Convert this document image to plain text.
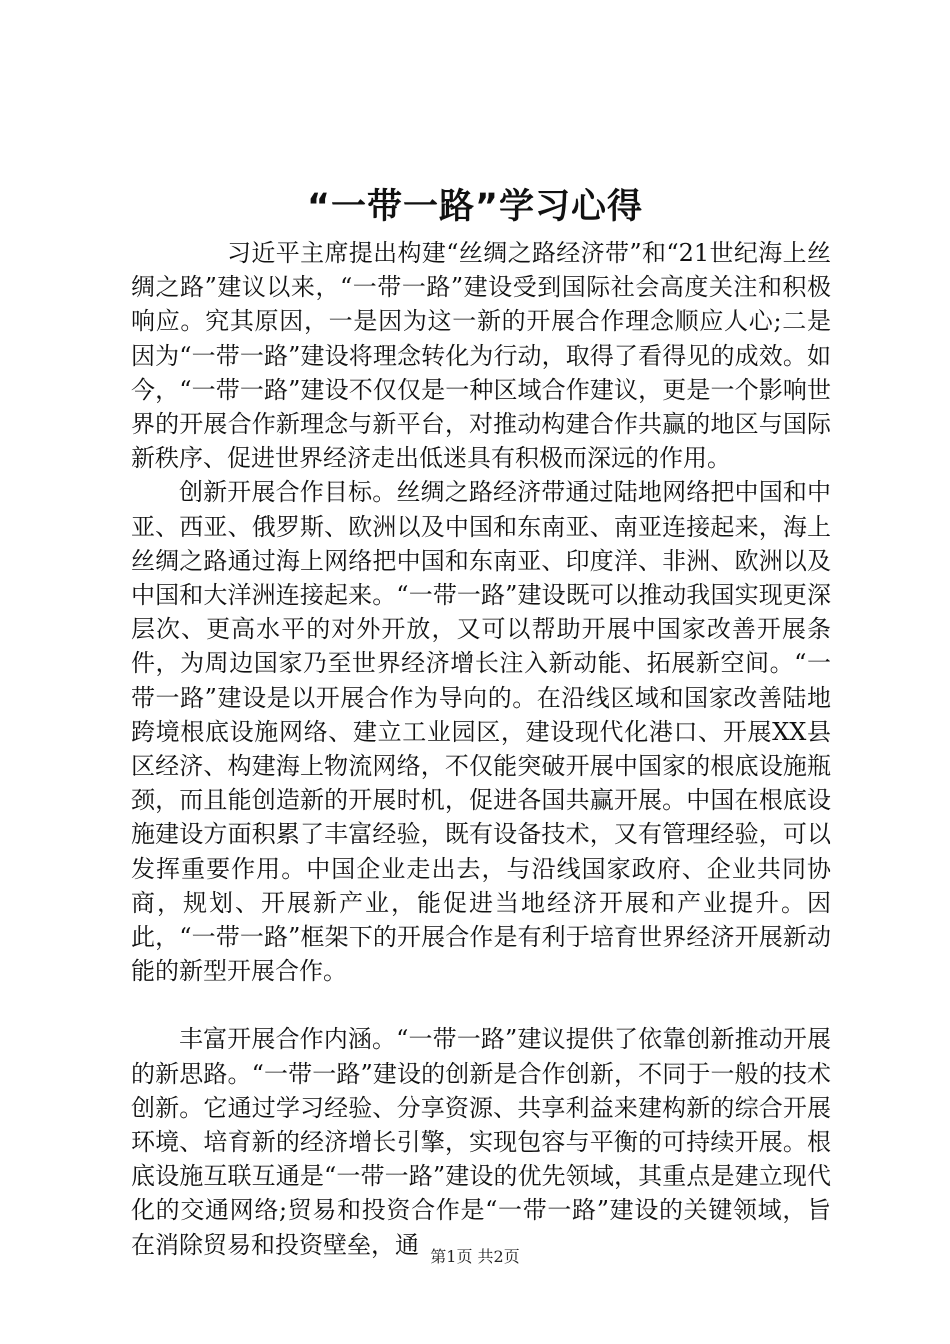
“一带一路”学习心得

习近平主席提出构建“丝绸之路经济带”和“21世纪海上丝绸之路”建议以来，“一带一路”建设受到国际社会高度关注和积极响应。究其原因，一是因为这一新的开展合作理念顺应人心;二是因为“一带一路”建设将理念转化为行动，取得了看得见的成效。如今，“一带一路”建设不仅仅是一种区域合作建议，更是一个影响世界的开展合作新理念与新平台，对推动构建合作共赢的地区与国际新秩序、促进世界经济走出低迷具有积极而深远的作用。

创新开展合作目标。丝绸之路经济带通过陆地网络把中国和中亚、西亚、俄罗斯、欧洲以及中国和东南亚、南亚连接起来，海上丝绸之路通过海上网络把中国和东南亚、印度洋、非洲、欧洲以及中国和大洋洲连接起来。“一带一路”建设既可以推动我国实现更深层次、更高水平的对外开放，又可以帮助开展中国家改善开展条件，为周边国家乃至世界经济增长注入新动能、拓展新空间。“一带一路”建设是以开展合作为导向的。在沿线区域和国家改善陆地跨境根底设施网络、建立工业园区，建设现代化港口、开展XX县区经济、构建海上物流网络，不仅能突破开展中国家的根底设施瓶颈，而且能创造新的开展时机，促进各国共赢开展。中国在根底设施建设方面积累了丰富经验，既有设备技术，又有管理经验，可以发挥重要作用。中国企业走出去，与沿线国家政府、企业共同协商，规划、开展新产业，能促进当地经济开展和产业提升。因此，“一带一路”框架下的开展合作是有利于培育世界经济开展新动能的新型开展合作。

丰富开展合作内涵。“一带一路”建议提供了依靠创新推动开展的新思路。“一带一路”建设的创新是合作创新，不同于一般的技术创新。它通过学习经验、分享资源、共享利益来建构新的综合开展环境、培育新的经济增长引擎，实现包容与平衡的可持续开展。根底设施互联互通是“一带一路”建设的优先领域，其重点是建立现代化的交通网络;贸易和投资合作是“一带一路”建设的关键领域，旨在消除贸易和投资壁垒，通 第1页 共2页
